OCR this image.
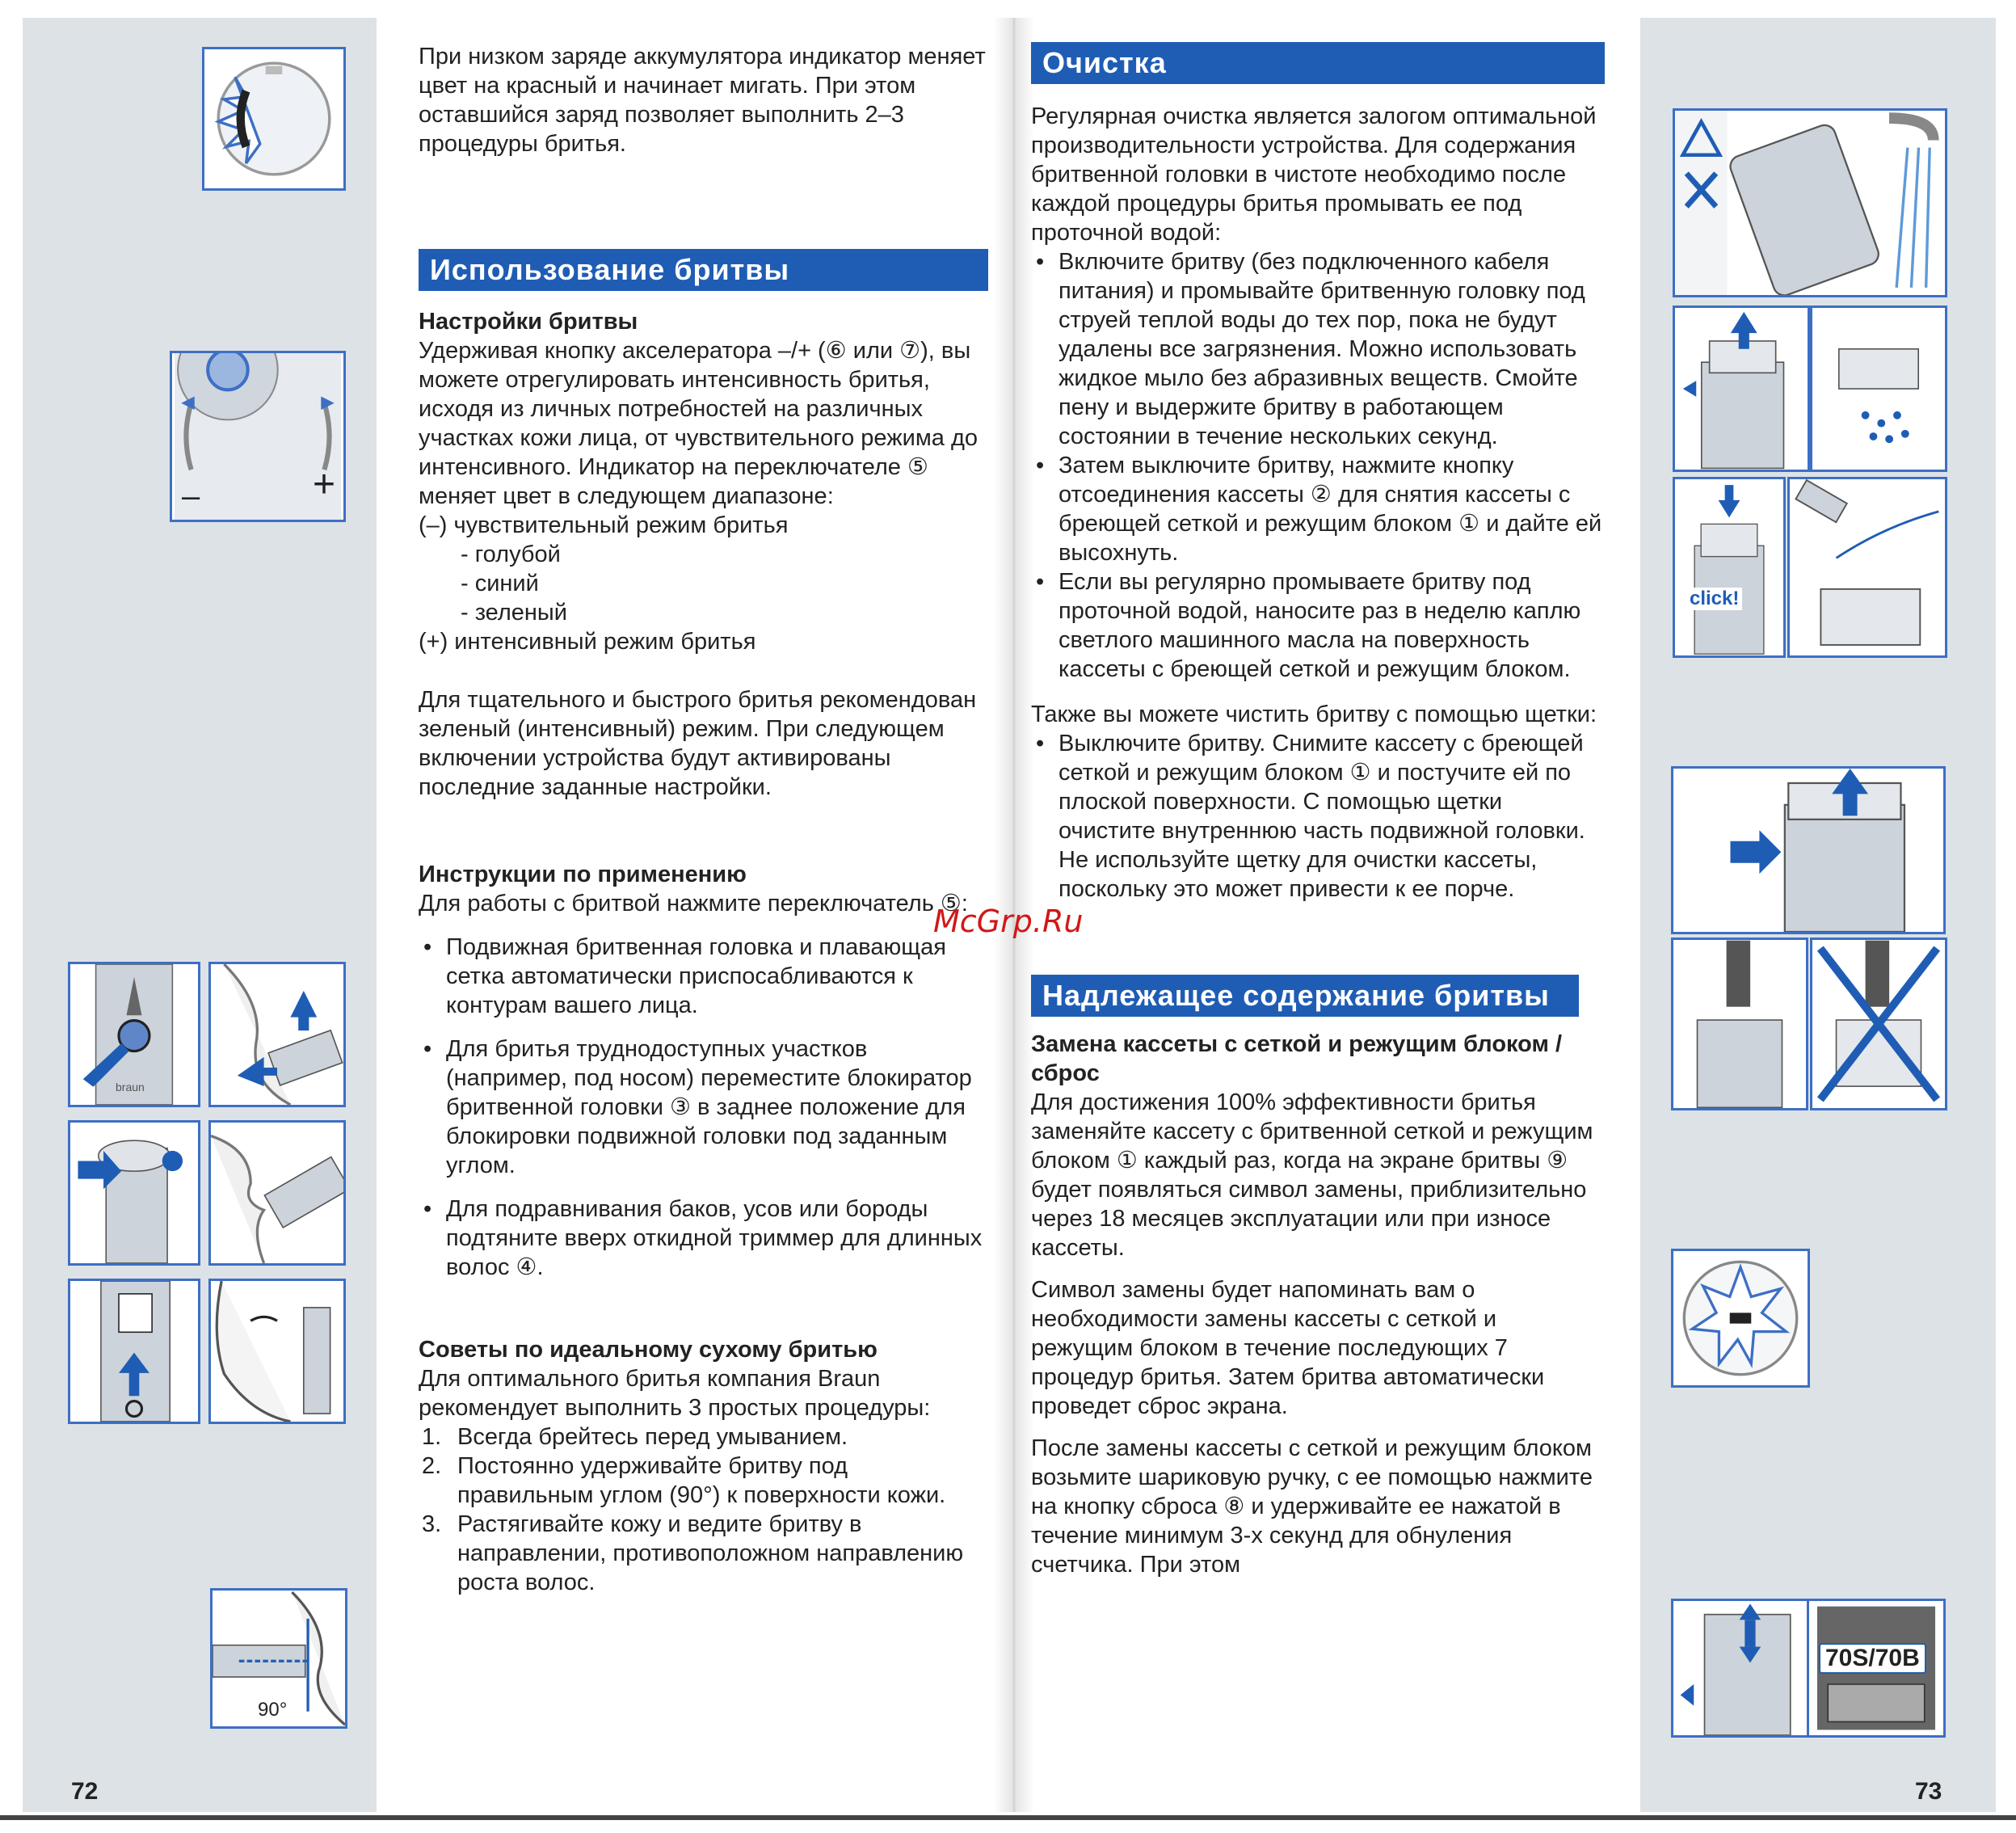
–	+
braun
90°
72

При низком заряде аккумулятора индикатор меняет цвет на красный и начинает мигать. При этом оставшийся заряд позволяет выполнить 2–3 процедуры бритья.

Использование бритвы

Настройки бритвы

Удерживая кнопку акселератора –/+ (⑥ или ⑦), вы можете отрегулировать интенсивность бритья, исходя из личных потребностей на различных участках кожи лица, от чувствительного режима до интенсивного. Индикатор на переключателе ⑤ меняет цвет в следующем диапазоне:

(–) чувствительный режим бритья

- голубой

- синий

- зеленый

(+) интенсивный режим бритья

Для тщательного и быстрого бритья рекомендован зеленый (интенсивный) режим. При следующем включении устройства будут активированы последние заданные настройки.

Инструкции по применению

Для работы с бритвой нажмите переключатель ⑤:

• Подвижная бритвенная головка и плавающая сетка автоматически приспосабливаются к контурам вашего лица.

• Для бритья труднодоступных участков (например, под носом) переместите блокиратор бритвенной головки ③ в заднее положение для блокировки подвижной головки под заданным углом.

• Для подравнивания баков, усов или бороды подтяните вверх откидной триммер для длинных волос ④.

Советы по идеальному сухому бритью

Для оптимального бритья компания Braun рекомендует выполнить 3 простых процедуры:

1. Всегда брейтесь перед умыванием.

2. Постоянно удерживайте бритву под правильным углом (90°) к поверхности кожи.

3. Растягивайте кожу и ведите бритву в направлении, противоположном направлению роста волос.

Очистка

Регулярная очистка является залогом оптимальной производительности устройства. Для содержания бритвенной головки в чистоте необходимо после каждой процедуры бритья промывать ее под проточной водой:

• Включите бритву (без подключенного кабеля питания) и промывайте бритвенную головку под струей теплой воды до тех пор, пока не будут удалены все загрязнения. Можно использовать жидкое мыло без абразивных веществ. Смойте пену и выдержите бритву в работающем состоянии в течение нескольких секунд.

• Затем выключите бритву, нажмите кнопку отсоединения кассеты ② для снятия кассеты с бреющей сеткой и режущим блоком ① и дайте ей высохнуть.

• Если вы регулярно промываете бритву под проточной водой, наносите раз в неделю каплю светлого машинного масла на поверхность кассеты с бреющей сеткой и режущим блоком.

Также вы можете чистить бритву с помощью щетки:

• Выключите бритву. Снимите кассету с бреющей сеткой и режущим блоком ① и постучите ей по плоской поверхности. С помощью щетки очистите внутреннюю часть подвижной головки. Не используйте щетку для очистки кассеты, поскольку это может привести к ее порче.

Надлежащее содержание бритвы

Замена кассеты с сеткой и режущим блоком / сброс

Для достижения 100% эффективности бритья заменяйте кассету с бритвенной сеткой и режущим блоком ① каждый раз, когда на экране бритвы ⑨ будет появляться символ замены, приблизительно через 18 месяцев эксплуатации или при износе кассеты.

Символ замены будет напоминать вам о необходимости замены кассеты с сеткой и режущим блоком в течение последующих 7 процедур бритья. Затем бритва автоматически проведет сброс экрана.

После замены кассеты с сеткой и режущим блоком возьмите шариковую ручку, с ее помощью нажмите на кнопку сброса ⑧ и удерживайте ее нажатой в течение минимум 3-х секунд для обнуления счетчика. При этом

click!
70S/70B
73
McGrp.Ru
